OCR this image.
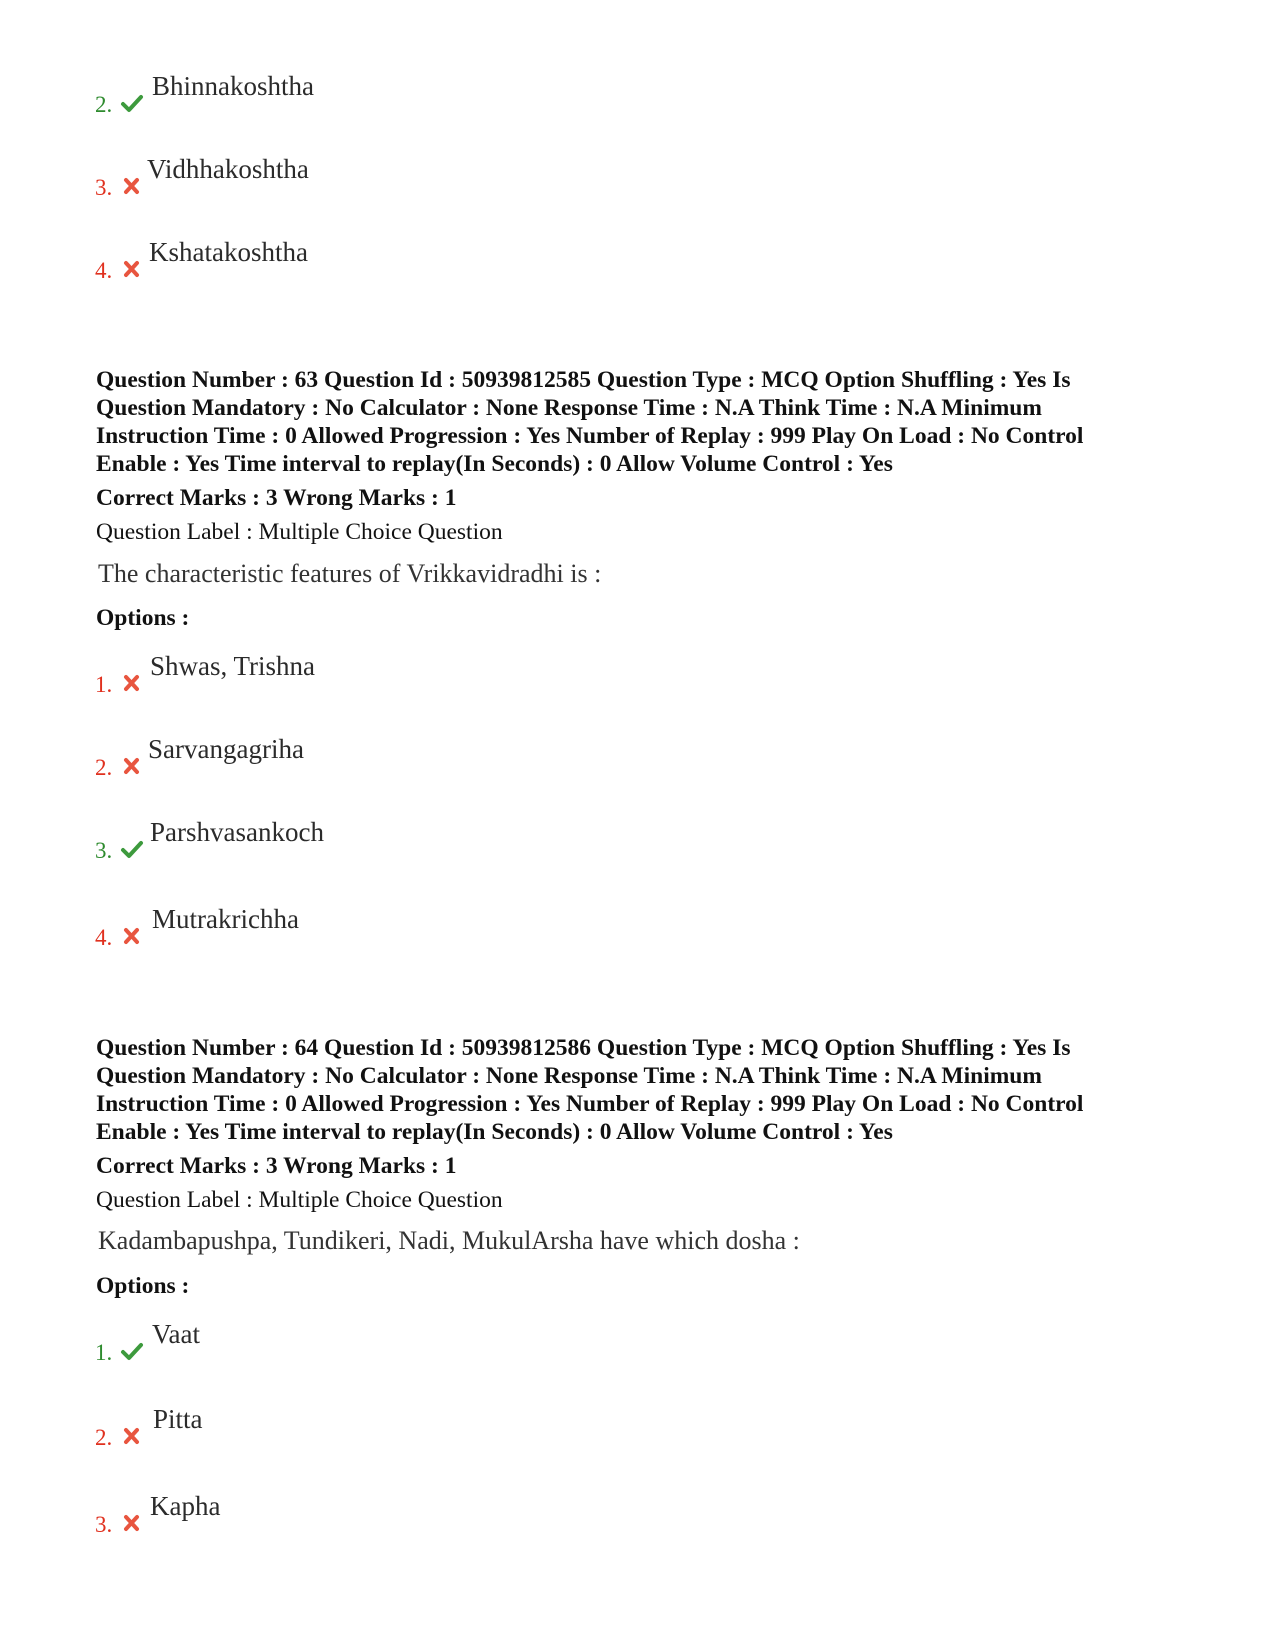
2.
Bhinnakoshtha
3.
Vidhhakoshtha
4.
Kshatakoshtha
Question Number : 63 Question Id : 50939812585 Question Type : MCQ Option Shuffling : Yes Is
Question Mandatory : No Calculator : None Response Time : N.A Think Time : N.A Minimum
Instruction Time : 0 Allowed Progression : Yes Number of Replay : 999 Play On Load : No Control
Enable : Yes Time interval to replay(In Seconds) : 0 Allow Volume Control : Yes
Correct Marks : 3 Wrong Marks : 1
Question Label : Multiple Choice Question
The characteristic features of Vrikkavidradhi is :
Options :
1.
Shwas, Trishna
2.
Sarvangagriha
3.
Parshvasankoch
4.
Mutrakrichha
Question Number : 64 Question Id : 50939812586 Question Type : MCQ Option Shuffling : Yes Is
Question Mandatory : No Calculator : None Response Time : N.A Think Time : N.A Minimum
Instruction Time : 0 Allowed Progression : Yes Number of Replay : 999 Play On Load : No Control
Enable : Yes Time interval to replay(In Seconds) : 0 Allow Volume Control : Yes
Correct Marks : 3 Wrong Marks : 1
Question Label : Multiple Choice Question
Kadambapushpa, Tundikeri, Nadi, MukulArsha have which dosha :
Options :
1.
Vaat
2.
Pitta
3.
Kapha
